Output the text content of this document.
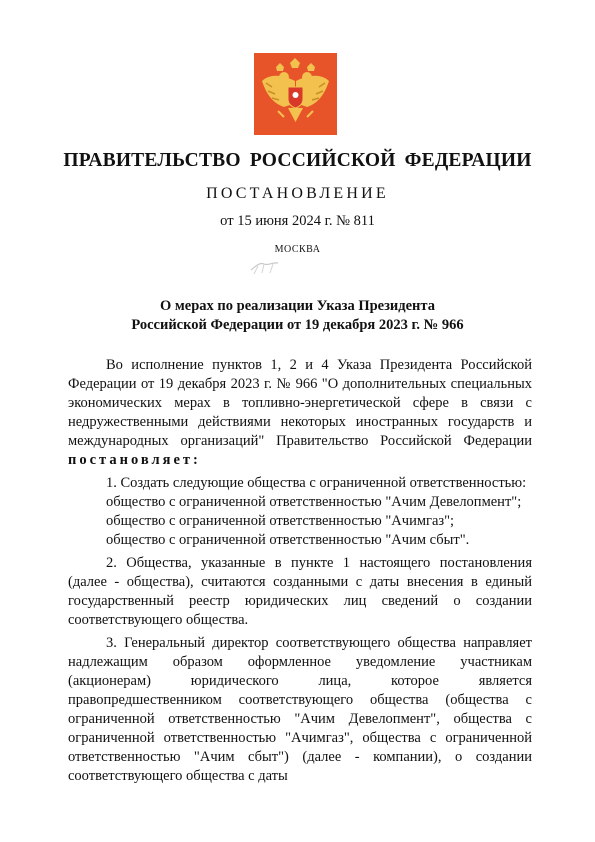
ПРАВИТЕЛЬСТВО РОССИЙСКОЙ ФЕДЕРАЦИИ
ПОСТАНОВЛЕНИЕ
от 15 июня 2024 г. № 811
МОСКВА
О мерах по реализации Указа Президента
Российской Федерации от 19 декабря 2023 г. № 966

Во исполнение пунктов 1, 2 и 4 Указа Президента Российской Федерации от 19 декабря 2023 г. № 966 "О дополнительных специальных экономических мерах в топливно-энергетической сфере в связи с недружественными действиями некоторых иностранных государств и международных организаций" Правительство Российской Федерации постановляет:

1. Создать следующие общества с ограниченной ответственностью:

общество с ограниченной ответственностью "Ачим Девелопмент";

общество с ограниченной ответственностью "Ачимгаз";

общество с ограниченной ответственностью "Ачим сбыт".

2. Общества, указанные в пункте 1 настоящего постановления (далее - общества), считаются созданными с даты внесения в единый государственный реестр юридических лиц сведений о создании соответствующего общества.

3. Генеральный директор соответствующего общества направляет надлежащим образом оформленное уведомление участникам (акционерам) юридического лица, которое является правопредшественником соответствующего общества (общества с ограниченной ответственностью "Ачим Девелопмент", общества с ограниченной ответственностью "Ачимгаз", общества с ограниченной ответственностью "Ачим сбыт") (далее - компании), о создании соответствующего общества с даты
